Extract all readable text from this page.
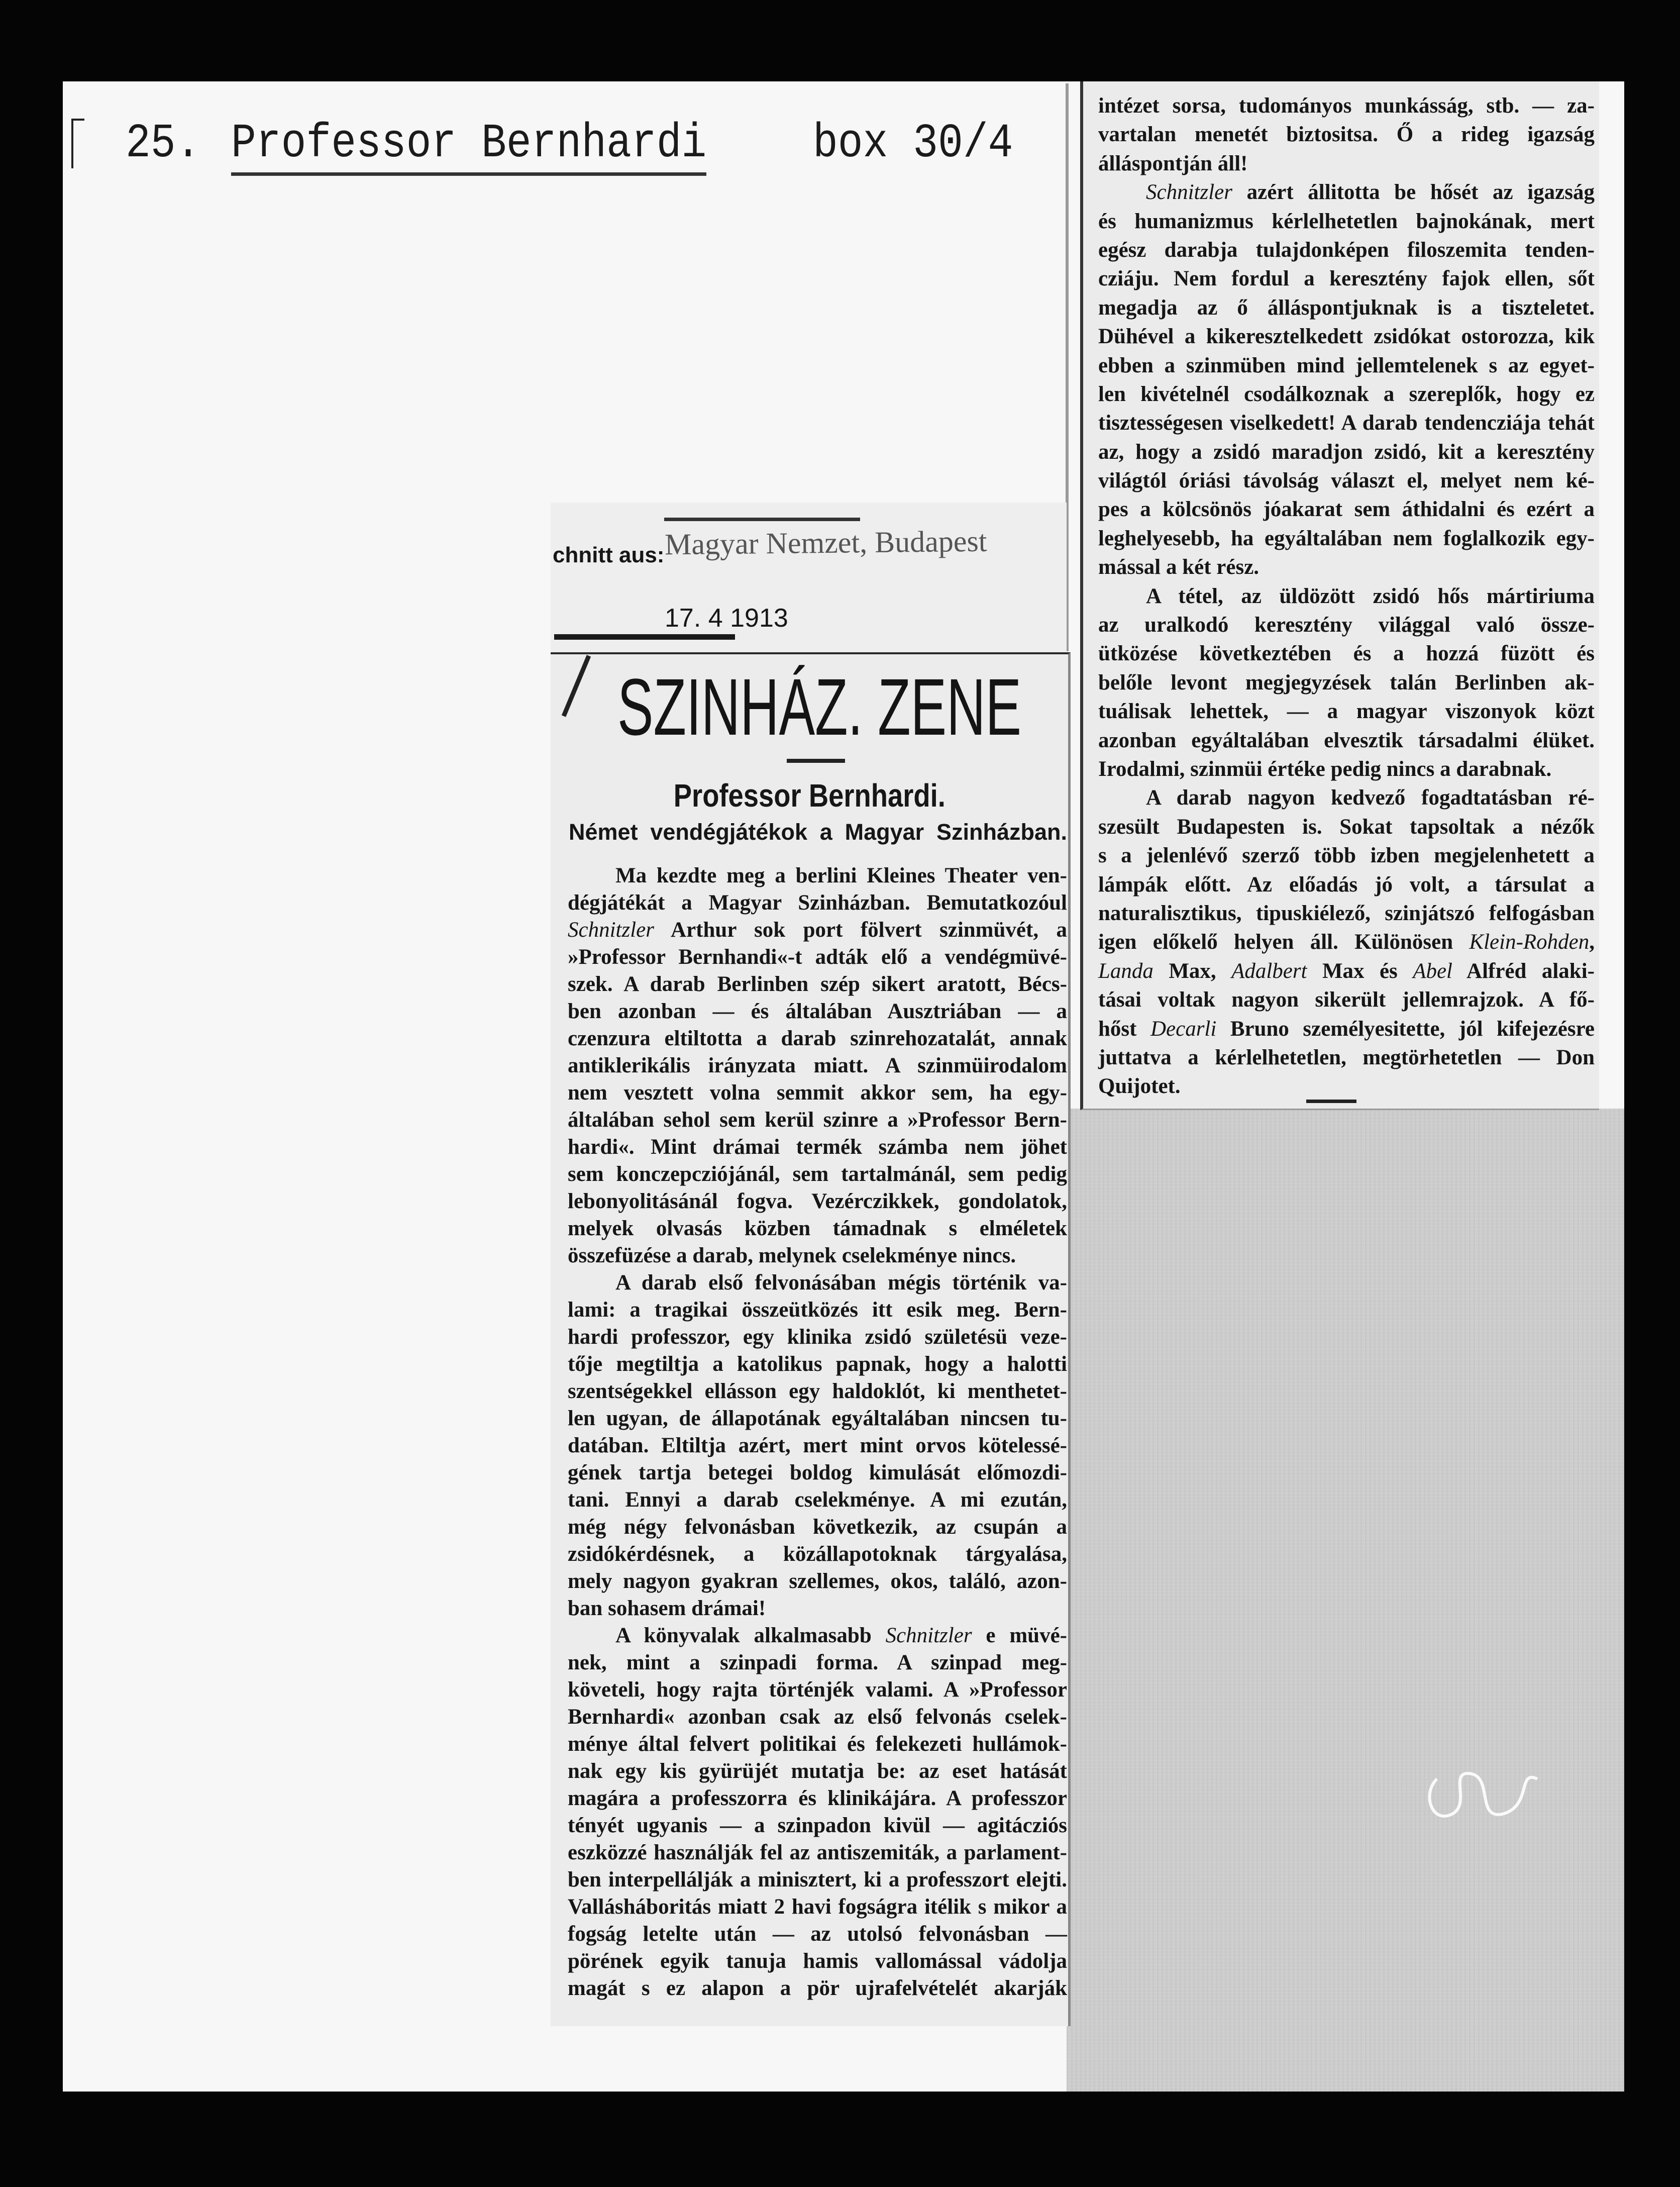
25. Professor Bernhardi	box 30/4
chnitt aus: Magyar Nemzet, Budapest
17. 4 1913
SZINHÁZ. ZENE
Professor Bernhardi.
Német vendégjátékok a Magyar Szinházban.
Ma kezdte meg a berlini Kleines Theater ven-
dégjátékát a Magyar Szinházban. Bemutatkozóul
Schnitzler Arthur sok port fölvert szinmüvét, a
»Professor Bernhandi«-t adták elő a vendégmüvé-
szek. A darab Berlinben szép sikert aratott, Bécs-
ben azonban — és általában Ausztriában — a
czenzura eltiltotta a darab szinrehozatalát, annak
antiklerikális irányzata miatt. A szinmüirodalom
nem vesztett volna semmit akkor sem, ha egy-
általában sehol sem kerül szinre a »Professor Bern-
hardi«. Mint drámai termék számba nem jöhet
sem konczepcziójánál, sem tartalmánál, sem pedig
lebonyolitásánál fogva. Vezérczikkek, gondolatok,
melyek olvasás közben támadnak s elméletek
összefüzése a darab, melynek cselekménye nincs.
A darab első felvonásában mégis történik va-
lami: a tragikai összeütközés itt esik meg. Bern-
hardi professzor, egy klinika zsidó születésü veze-
tője megtiltja a katolikus papnak, hogy a halotti
szentségekkel ellásson egy haldoklót, ki menthetet-
len ugyan, de állapotának egyáltalában nincsen tu-
datában. Eltiltja azért, mert mint orvos kötelessé-
gének tartja betegei boldog kimulását előmozdi-
tani. Ennyi a darab cselekménye. A mi ezután,
még négy felvonásban következik, az csupán a
zsidókérdésnek, a közállapotoknak tárgyalása,
mely nagyon gyakran szellemes, okos, találó, azon-
ban sohasem drámai!
A könyvalak alkalmasabb Schnitzler e müvé-
nek, mint a szinpadi forma. A szinpad meg-
követeli, hogy rajta történjék valami. A »Professor
Bernhardi« azonban csak az első felvonás cselek-
ménye által felvert politikai és felekezeti hullámok-
nak egy kis gyürüjét mutatja be: az eset hatását
magára a professzorra és klinikájára. A professzor
tényét ugyanis — a szinpadon kivül — agitácziós
eszközzé használják fel az antiszemiták, a parlament-
ben interpellálják a minisztert, ki a professzort elejti.
Vallásháboritás miatt 2 havi fogságra itélik s mikor a
fogság letelte után — az utolsó felvonásban —
pörének egyik tanuja hamis vallomással vádolja
magát s ez alapon a pör ujrafelvételét akarják
intézet sorsa, tudományos munkásság, stb. — za-
vartalan menetét biztositsa. Ő a rideg igazság
álláspontján áll!
Schnitzler azért állitotta be hősét az igazság
és humanizmus kérlelhetetlen bajnokának, mert
egész darabja tulajdonképen filoszemita tenden-
cziáju. Nem fordul a keresztény fajok ellen, sőt
megadja az ő álláspontjuknak is a tiszteletet.
Dühével a kikeresztelkedett zsidókat ostorozza, kik
ebben a szinmüben mind jellemtelenek s az egyet-
len kivételnél csodálkoznak a szereplők, hogy ez
tisztességesen viselkedett! A darab tendencziája tehát
az, hogy a zsidó maradjon zsidó, kit a keresztény
világtól óriási távolság választ el, melyet nem ké-
pes a kölcsönös jóakarat sem áthidalni és ezért a
leghelyesebb, ha egyáltalában nem foglalkozik egy-
mással a két rész.
A tétel, az üldözött zsidó hős mártiriuma
az uralkodó keresztény világgal való össze-
ütközése következtében és a hozzá füzött és
belőle levont megjegyzések talán Berlinben ak-
tuálisak lehettek, — a magyar viszonyok közt
azonban egyáltalában elvesztik társadalmi élüket.
Irodalmi, szinmüi értéke pedig nincs a darabnak.
A darab nagyon kedvező fogadtatásban ré-
szesült Budapesten is. Sokat tapsoltak a nézők
s a jelenlévő szerző több izben megjelenhetett a
lámpák előtt. Az előadás jó volt, a társulat a
naturalisztikus, tipuskiélező, szinjátszó felfogásban
igen előkelő helyen áll. Különösen Klein-Rohden,
Landa Max, Adalbert Max és Abel Alfréd alaki-
tásai voltak nagyon sikerült jellemrajzok. A fő-
hőst Decarli Bruno személyesitette, jól kifejezésre
juttatva a kérlelhetetlen, megtörhetetlen — Don
Quijotet.
